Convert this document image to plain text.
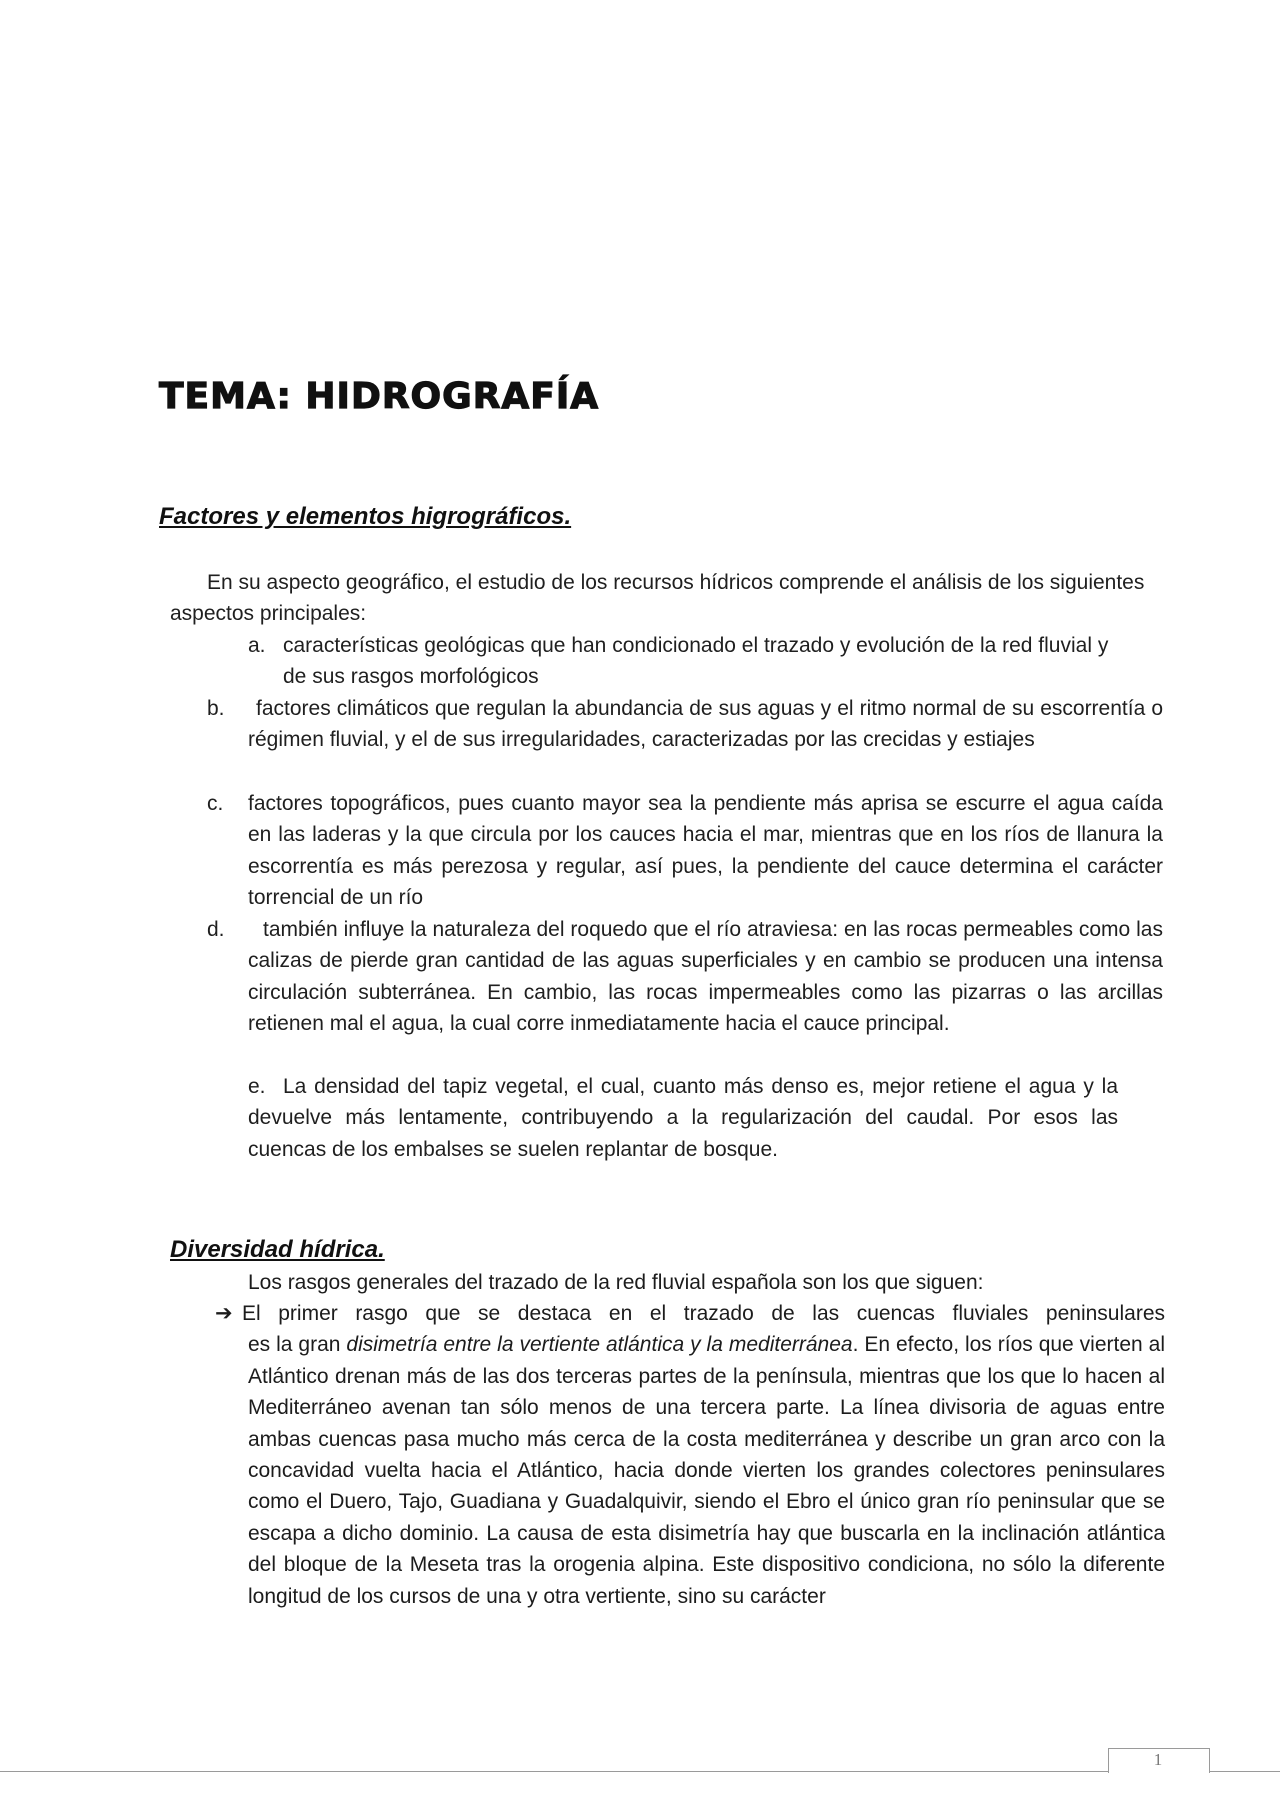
TEMA: HIDROGRAFÍA
Factores y elementos higrográficos.
En su aspecto geográfico, el estudio de los recursos hídricos comprende el análisis de los siguientes aspectos principales:
a. características geológicas que han condicionado el trazado y evolución de la red fluvial y de sus rasgos morfológicos
b.	factores climáticos que regulan la abundancia de sus aguas y el ritmo normal de su escorrentía o régimen fluvial, y el de sus irregularidades, caracterizadas por las crecidas y estiajes
c. factores topográficos, pues cuanto mayor sea la pendiente más aprisa se escurre el agua caída en las laderas y la que circula por los cauces hacia el mar, mientras que en los ríos de llanura la escorrentía es más perezosa y regular, así pues, la pendiente del cauce determina el carácter torrencial de un río
d.	también influye la naturaleza del roquedo que el río atraviesa: en las rocas permeables como las calizas de pierde gran cantidad de las aguas superficiales y en cambio se producen una intensa circulación subterránea. En cambio, las rocas impermeables como las pizarras o las arcillas retienen mal el agua, la cual corre inmediatamente hacia el cauce principal.
e. La densidad del tapiz vegetal, el cual, cuanto más denso es, mejor retiene el agua y la devuelve más lentamente, contribuyendo a la regularización del caudal. Por esos las cuencas de los embalses se suelen replantar de bosque.
Diversidad hídrica.
Los rasgos generales del trazado de la red fluvial española son los que siguen:
➔ El primer rasgo que se destaca en el trazado de las cuencas fluviales peninsulares
es la gran disimetría entre la vertiente atlántica y la mediterránea. En efecto, los ríos que vierten al Atlántico drenan más de las dos terceras partes de la península, mientras que los que lo hacen al Mediterráneo avenan tan sólo menos de una tercera parte. La línea divisoria de aguas entre ambas cuencas pasa mucho más cerca de la costa mediterránea y describe un gran arco con la concavidad vuelta hacia el Atlántico, hacia donde vierten los grandes colectores peninsulares como el Duero, Tajo, Guadiana y Guadalquivir, siendo el Ebro el único gran río peninsular que se escapa a dicho dominio. La causa de esta disimetría hay que buscarla en la inclinación atlántica del bloque de la Meseta tras la orogenia alpina. Este dispositivo condiciona, no sólo la diferente longitud de los cursos de una y otra vertiente, sino su carácter
1
